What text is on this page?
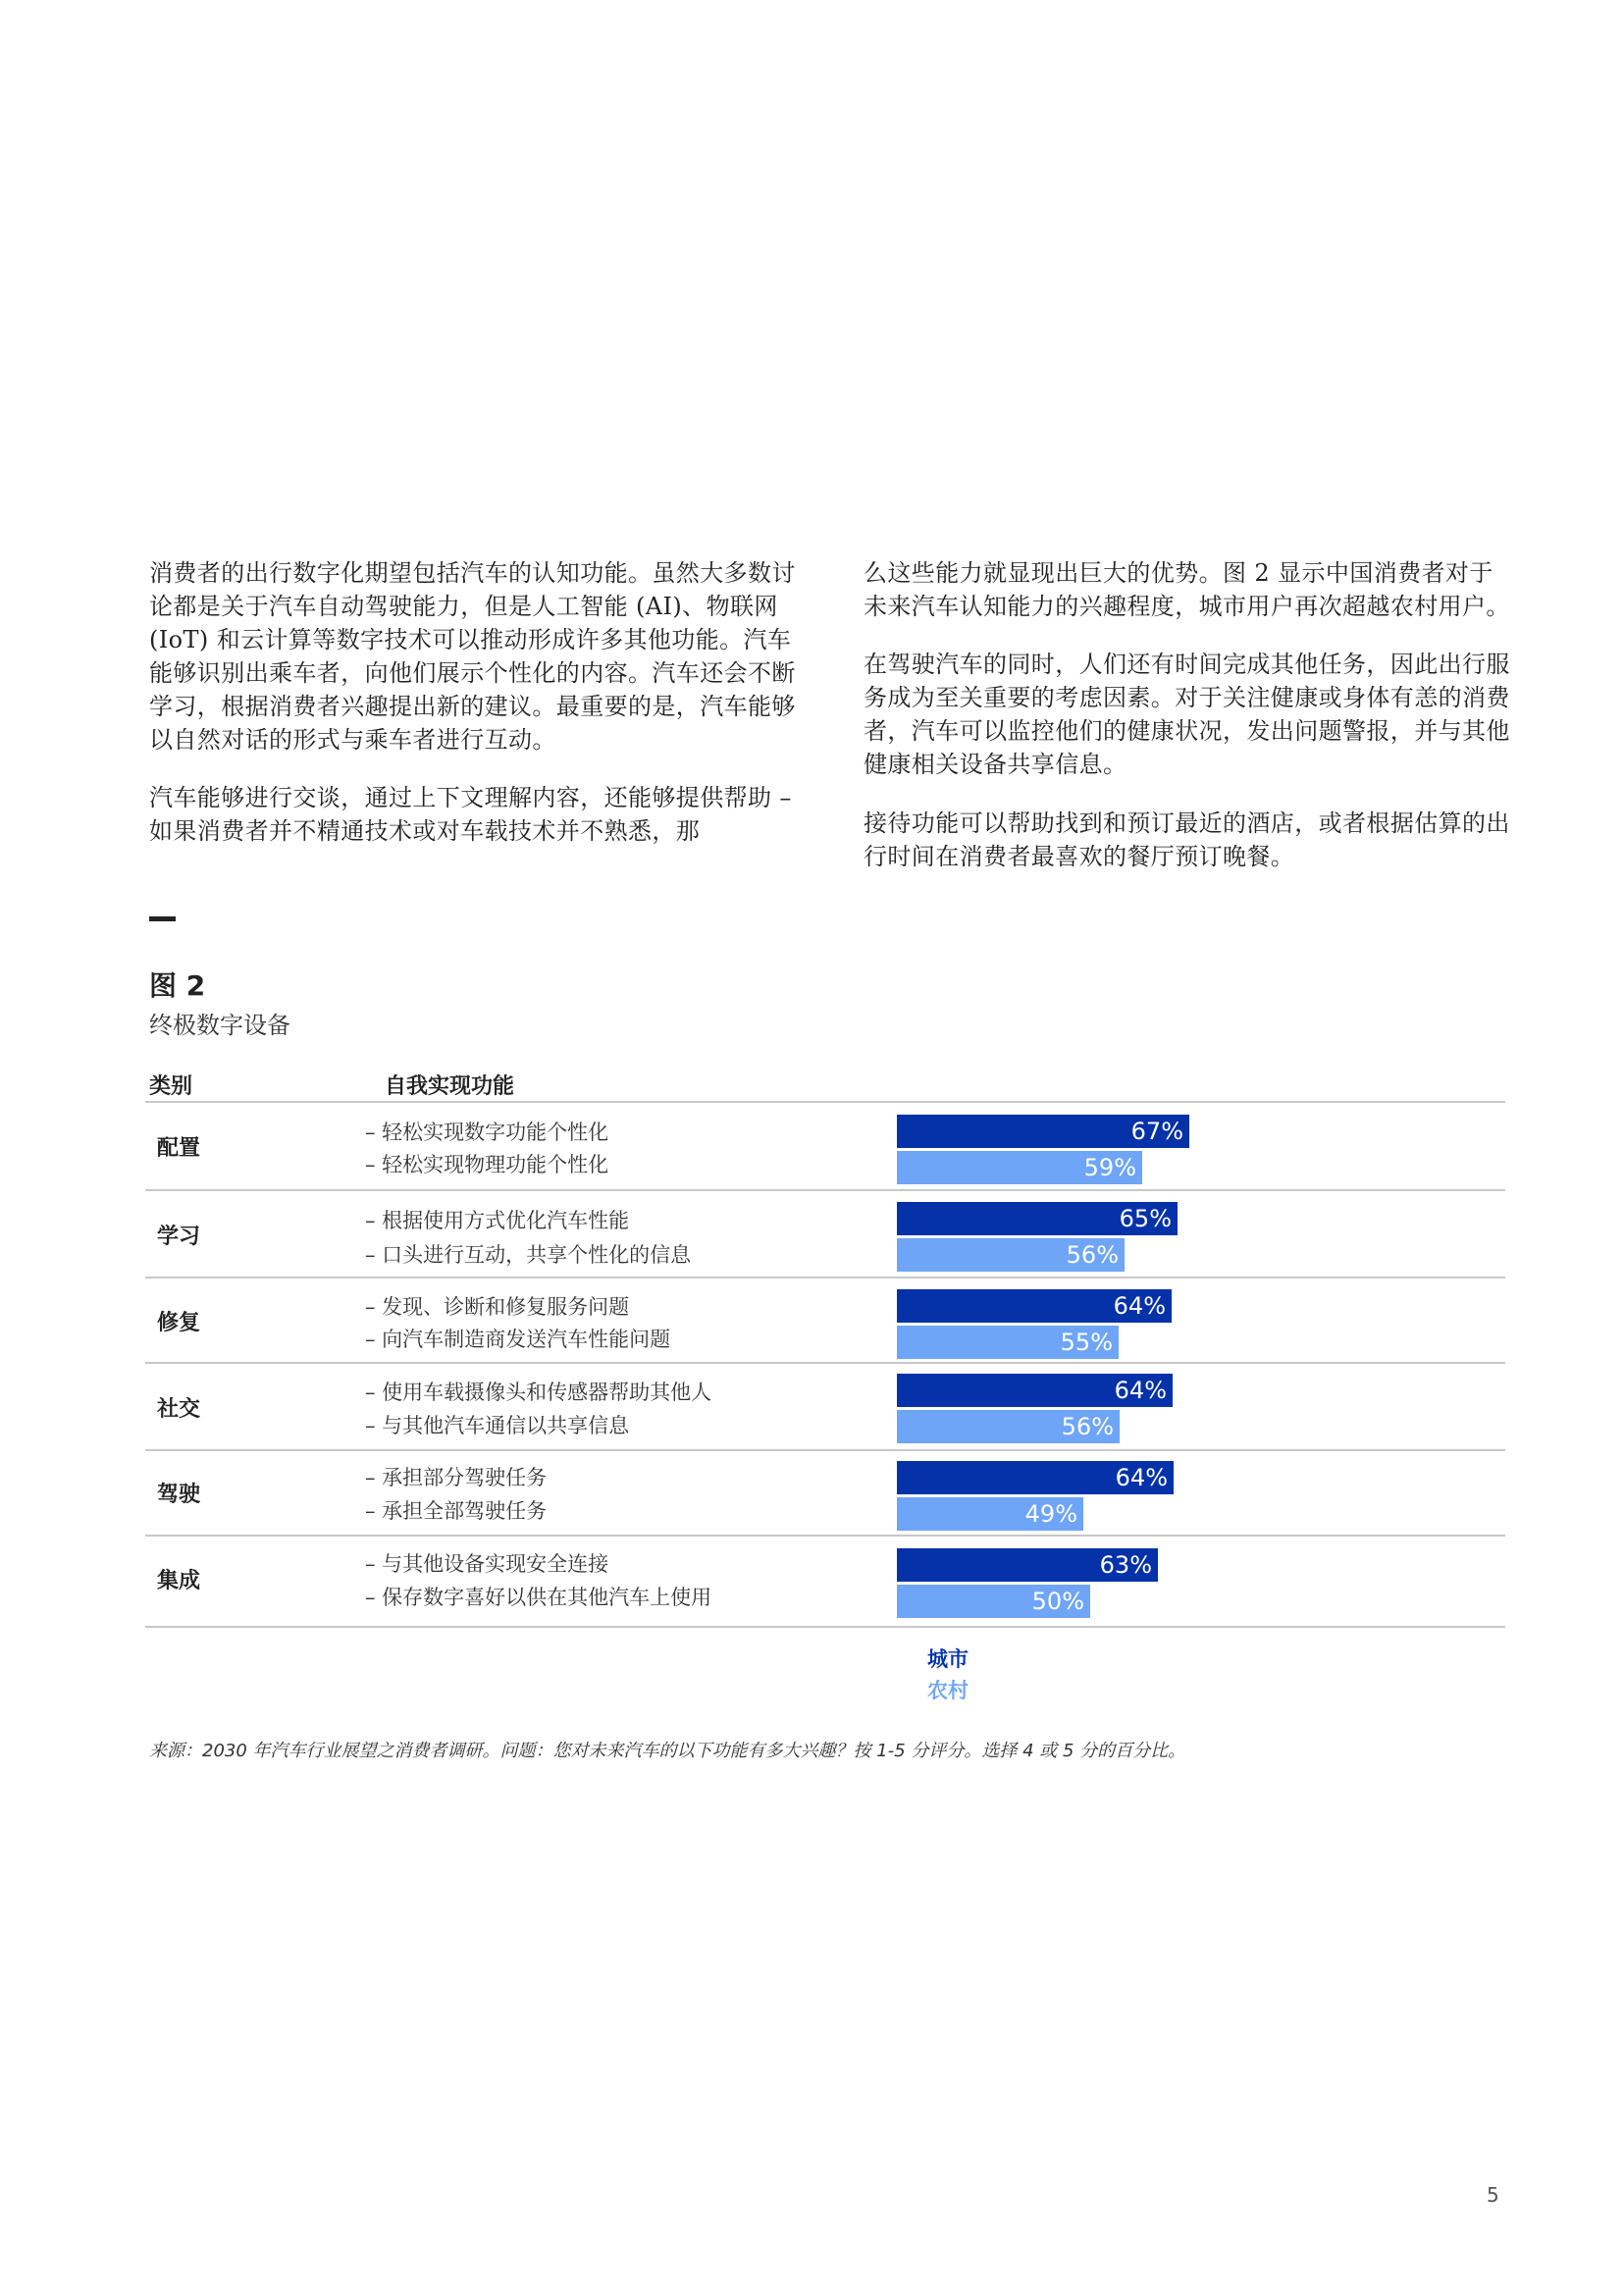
消费者的出行数字化期望包括汽车的认知功能。虽然大多数讨论都是关于汽车自动驾驶能力，但是人工智能 (AI)、物联网 (IoT) 和云计算等数字技术可以推动形成许多其他功能。汽车能够识别出乘车者，向他们展示个性化的内容。汽车还会不断学习，根据消费者兴趣提出新的建议。最重要的是，汽车能够以自然对话的形式与乘车者进行互动。

汽车能够进行交谈，通过上下文理解内容，还能够提供帮助 – 如果消费者并不精通技术或对车载技术并不熟悉，那

么这些能力就显现出巨大的优势。图 2 显示中国消费者对于未来汽车认知能力的兴趣程度，城市用户再次超越农村用户。

在驾驶汽车的同时，人们还有时间完成其他任务，因此出行服务成为至关重要的考虑因素。对于关注健康或身体有恙的消费者，汽车可以监控他们的健康状况，发出问题警报，并与其他健康相关设备共享信息。

接待功能可以帮助找到和预订最近的酒店，或者根据估算的出行时间在消费者最喜欢的餐厅预订晚餐。

图 2
终极数字设备
类别	自我实现功能
配置
– 轻松实现数字功能个性化
– 轻松实现物理功能个性化
67%
59%
学习
– 根据使用方式优化汽车性能
– 口头进行互动，共享个性化的信息
65%
56%
修复
– 发现、诊断和修复服务问题
– 向汽车制造商发送汽车性能问题
64%
55%
社交
– 使用车载摄像头和传感器帮助其他人
– 与其他汽车通信以共享信息
64%
56%
驾驶
– 承担部分驾驶任务
– 承担全部驾驶任务
64%
49%
集成
– 与其他设备实现安全连接
– 保存数字喜好以供在其他汽车上使用
63%
50%
城市
农村
来源：2030 年汽车行业展望之消费者调研。问题：您对未来汽车的以下功能有多大兴趣？按 1-5 分评分。选择 4 或 5 分的百分比。
5
